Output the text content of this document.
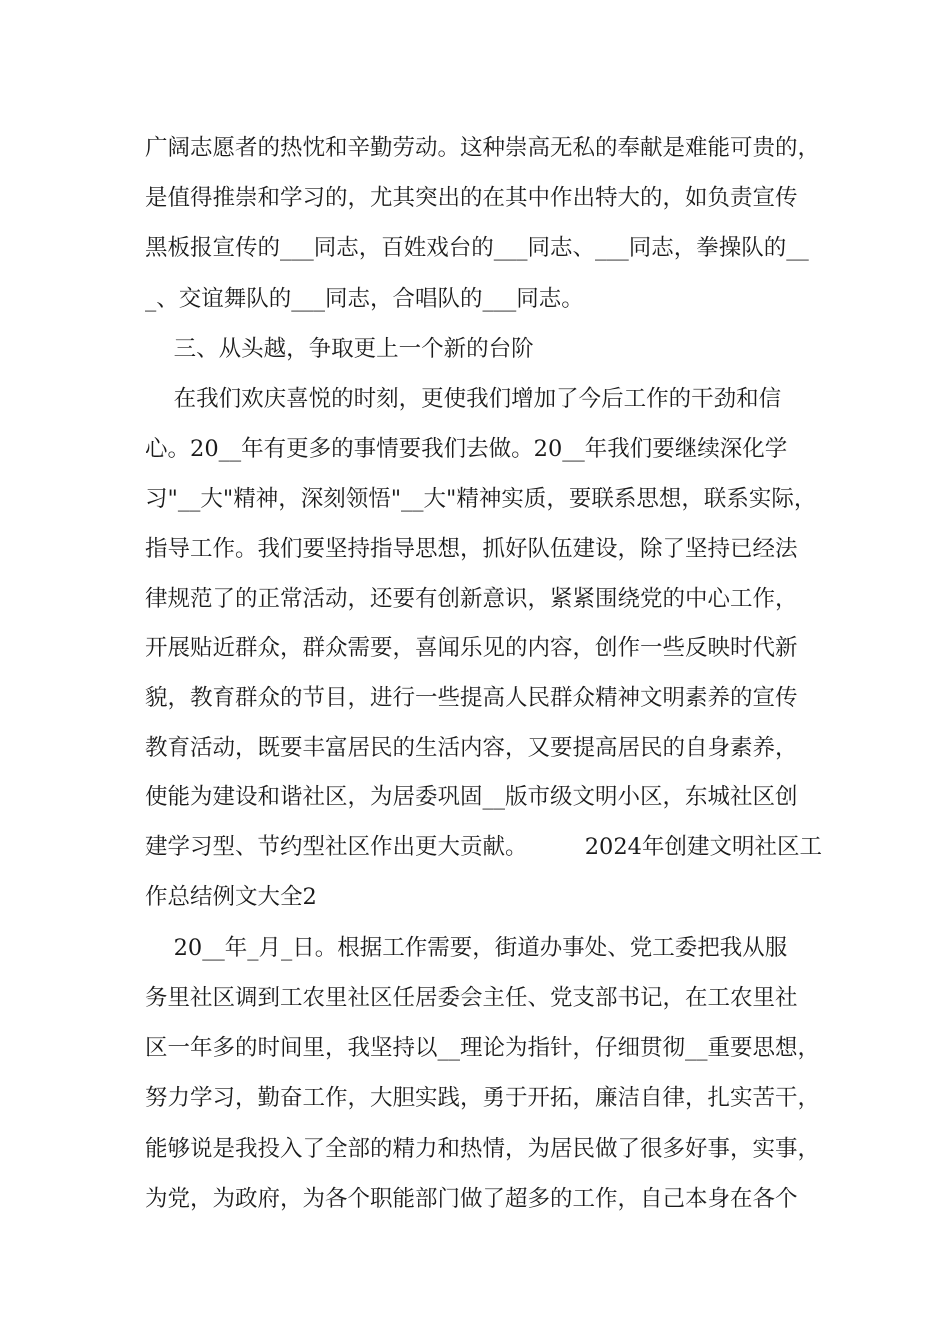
广阔志愿者的热忱和辛勤劳动。这种崇高无私的奉献是难能可贵的，
是值得推崇和学习的，尤其突出的在其中作出特大的，如负责宣传
黑板报宣传的___同志，百姓戏台的___同志、___同志，拳操队的__
_、交谊舞队的___同志，合唱队的___同志。
三、从头越，争取更上一个新的台阶
在我们欢庆喜悦的时刻，更使我们增加了今后工作的干劲和信
心。20__年有更多的事情要我们去做。20__年我们要继续深化学
习"__大"精神，深刻领悟"__大"精神实质，要联系思想，联系实际，
指导工作。我们要坚持指导思想，抓好队伍建设，除了坚持已经法
律规范了的正常活动，还要有创新意识，紧紧围绕党的中心工作，
开展贴近群众，群众需要，喜闻乐见的内容，创作一些反映时代新
貌，教育群众的节目，进行一些提高人民群众精神文明素养的宣传
教育活动，既要丰富居民的生活内容，又要提高居民的自身素养，
使能为建设和谐社区，为居委巩固__版市级文明小区，东城社区创
建学习型、节约型社区作出更大贡献。        2024年创建文明社区工
作总结例文大全2
20__年_月_日。根据工作需要，街道办事处、党工委把我从服
务里社区调到工农里社区任居委会主任、党支部书记，在工农里社
区一年多的时间里，我坚持以__理论为指针，仔细贯彻__重要思想，
努力学习，勤奋工作，大胆实践，勇于开拓，廉洁自律，扎实苦干，
能够说是我投入了全部的精力和热情，为居民做了很多好事，实事，
为党，为政府，为各个职能部门做了超多的工作，自己本身在各个
